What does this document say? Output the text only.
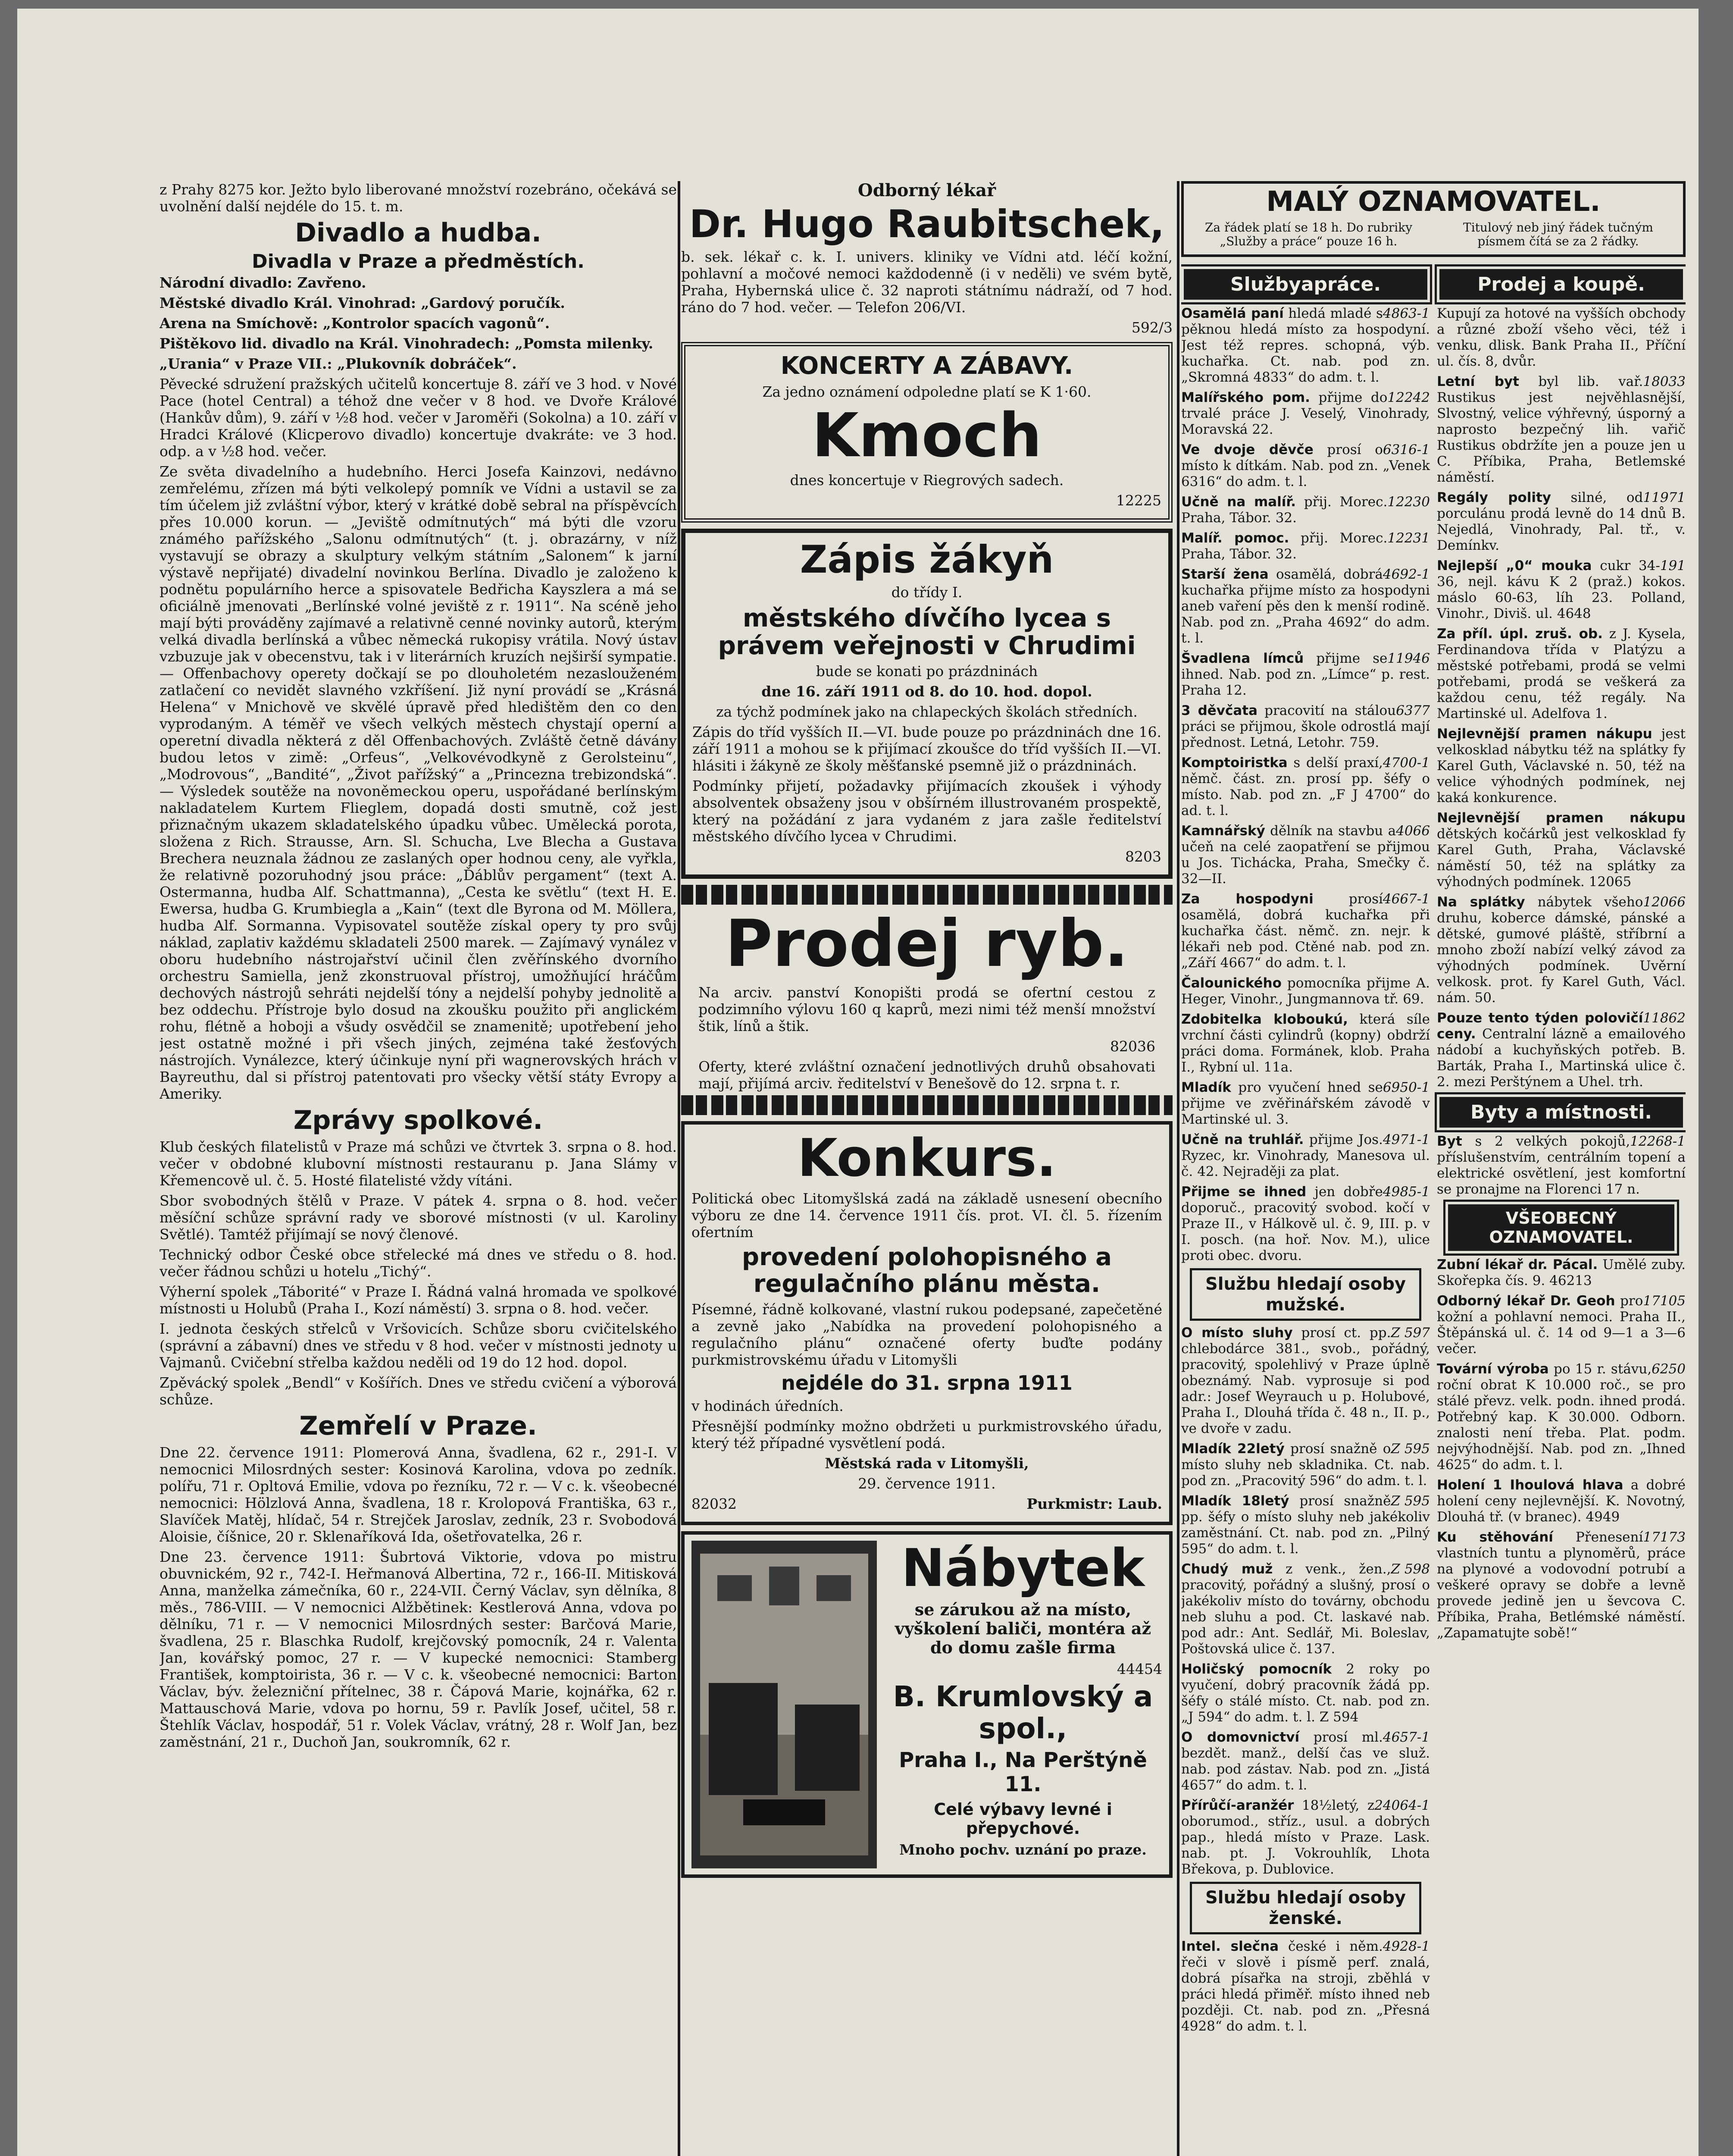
z Prahy 8275 kor. Ježto bylo liberované množství rozebráno, očekává se uvolnění další nejdéle do 15. t. m.

Divadlo a hudba.
Divadla v Praze a předměstích.

Národní divadlo: Zavřeno.

Městské divadlo Král. Vinohrad: „Gardový poručík.

Arena na Smíchově: „Kontrolor spacích vagonů“.

Pištěkovo lid. divadlo na Král. Vinohradech: „Pomsta milenky.

„Urania“ v Praze VII.: „Plukovník dobráček“.

Pěvecké sdružení pražských učitelů koncertuje 8. září ve 3 hod. v Nové Pace (hotel Central) a téhož dne večer v 8 hod. ve Dvoře Králové (Hankův dům), 9. září v ½8 hod. večer v Jaroměři (Sokolna) a 10. září v Hradci Králové (Klicperovo divadlo) koncertuje dvakráte: ve 3 hod. odp. a v ½8 hod. večer.

Ze světa divadelního a hudebního. Herci Josefa Kainzovi, nedávno zemřelému, zřízen má býti velkolepý pomník ve Vídni a ustavil se za tím účelem již zvláštní výbor, který v krátké době sebral na příspěvcích přes 10.000 korun. — „Jeviště odmítnutých“ má býti dle vzoru známého pařížského „Salonu odmítnutých“ (t. j. obrazárny, v níž vystavují se obrazy a skulptury velkým státním „Salonem“ k jarní výstavě nepřijaté) divadelní novinkou Berlína. Divadlo je založeno k podnětu populárního herce a spisovatele Bedřicha Kayszlera a má se oficiálně jmenovati „Berlínské volné jeviště z r. 1911“. Na scéně jeho mají býti prováděny zajímavé a relativně cenné novinky autorů, kterým velká divadla berlínská a vůbec německá rukopisy vrátila. Nový ústav vzbuzuje jak v obecenstvu, tak i v literárních kruzích nejširší sympatie. — Offenbachovy operety dočkají se po dlouholetém nezaslouženém zatlačení co nevidět slavného vzkříšení. Již nyní provádí se „Krásná Helena“ v Mnichově ve skvělé úpravě před hledištěm den co den vyprodaným. A téměř ve všech velkých městech chystají operní a operetní divadla některá z děl Offenbachových. Zvláště četně dávány budou letos v zimě: „Orfeus“, „Velkovévodkyně z Gerolsteinu“, „Modrovous“, „Bandité“, „Život pařížský“ a „Princezna trebizondská“. — Výsledek soutěže na novoněmeckou operu, uspořádané berlínským nakladatelem Kurtem Flieglem, dopadá dosti smutně, což jest přiznačným ukazem skladatelského úpadku vůbec. Umělecká porota, složena z Rich. Strausse, Arn. Sl. Schucha, Lve Blecha a Gustava Brechera neuznala žádnou ze zaslaných oper hodnou ceny, ale vyřkla, že relativně pozoruhodný jsou práce: „Ďáblův pergament“ (text A. Ostermanna, hudba Alf. Schattmanna), „Cesta ke světlu“ (text H. E. Ewersa, hudba G. Krumbiegla a „Kain“ (text dle Byrona od M. Möllera, hudba Alf. Sormanna. Vypisovatel soutěže získal opery ty pro svůj náklad, zaplativ každému skladateli 2500 marek. — Zajímavý vynález v oboru hudebního nástrojařství učinil člen zvěřínského dvorního orchestru Samiella, jenž zkonstruoval přístroj, umožňující hráčům dechových nástrojů sehráti nejdelší tóny a nejdelší pohyby jednolitě a bez oddechu. Přístroje bylo dosud na zkoušku použito při anglickém rohu, flétně a hoboji a všudy osvědčil se znamenitě; upotřebení jeho jest ostatně možné i při všech jiných, zejména také žesťových nástrojích. Vynálezce, který účinkuje nyní při wagnerovských hrách v Bayreuthu, dal si přístroj patentovati pro všecky větší státy Evropy a Ameriky.

Zprávy spolkové.

Klub českých filatelistů v Praze má schůzi ve čtvrtek 3. srpna o 8. hod. večer v obdobné klubovní místnosti restauranu p. Jana Slámy v Křemencově ul. č. 5. Hosté filatelisté vždy vítáni.

Sbor svobodných štělů v Praze. V pátek 4. srpna o 8. hod. večer měsíční schůze správní rady ve sborové místnosti (v ul. Karoliny Světlé). Tamtéž přijímají se nový členové.

Technický odbor České obce střelecké má dnes ve středu o 8. hod. večer řádnou schůzi u hotelu „Tichý“.

Výherní spolek „Táborité“ v Praze I. Řádná valná hromada ve spolkové místnosti u Holubů (Praha I., Kozí náměstí) 3. srpna o 8. hod. večer.

I. jednota českých střelců v Vršovicích. Schůze sboru cvičitelského (správní a zábavní) dnes ve středu v 8 hod. večer v místnosti jednoty u Vajmanů. Cvičební střelba každou neděli od 19 do 12 hod. dopol.

Zpěvácký spolek „Bendl“ v Košířích. Dnes ve středu cvičení a výborová schůze.

Zemřelí v Praze.

Dne 22. července 1911: Plomerová Anna, švadlena, 62 r., 291-I. V nemocnici Milosrdných sester: Kosinová Karolina, vdova po zedník. polířu, 71 r. Opltová Emilie, vdova po řezníku, 72 r. — V c. k. všeobecné nemocnici: Hölzlová Anna, švadlena, 18 r. Krolopová Františka, 63 r., Slavíček Matěj, hlídač, 54 r. Strejček Jaroslav, zedník, 23 r. Svobodová Aloisie, číšnice, 20 r. Sklenaříková Ida, ošetřovatelka, 26 r.

Dne 23. července 1911: Šubrtová Viktorie, vdova po mistru obuvnickém, 92 r., 742-I. Heřmanová Albertina, 72 r., 166-II. Mitisková Anna, manželka zámečníka, 60 r., 224-VII. Černý Václav, syn dělníka, 8 měs., 786-VIII. — V nemocnici Alžbětinek: Kestlerová Anna, vdova po dělníku, 71 r. — V nemocnici Milosrdných sester: Barčová Marie, švadlena, 25 r. Blaschka Rudolf, krejčovský pomocník, 24 r. Valenta Jan, kovářský pomoc, 27 r. — V kupecké nemocnici: Stamberg František, komptoirista, 36 r. — V c. k. všeobecné nemocnici: Barton Václav, býv. železniční přítelnec, 38 r. Čápová Marie, kojnářka, 62 r. Mattauschová Marie, vdova po hornu, 59 r. Pavlík Josef, učitel, 58 r. Štehlík Václav, hospodář, 51 r. Volek Václav, vrátný, 28 r. Wolf Jan, bez zaměstnání, 21 r., Duchoň Jan, soukromník, 62 r.

Odborný lékař

Dr. Hugo Raubitschek,

b. sek. lékař c. k. I. univers. kliniky ve Vídni atd. léčí kožní, pohlavní a močové nemoci každodenně (i v neděli) ve svém bytě, Praha, Hybernská ulice č. 32 naproti státnímu nádraží, od 7 hod. ráno do 7 hod. večer. — Telefon 206/VI.

592/3

KONCERTY A ZÁBAVY.

Za jedno oznámení odpoledne platí se K 1·60.

Kmoch

dnes koncertuje v Riegrových sadech.

12225

Zápis žákyň

do třídy I.

městského dívčího lycea s právem veřejnosti v Chrudimi

bude se konati po prázdninách

dne 16. září 1911 od 8. do 10. hod. dopol.

za týchž podmínek jako na chlapeckých školách středních.

Zápis do tříd vyšších II.—VI. bude pouze po prázdninách dne 16. září 1911 a mohou se k přijímací zkoušce do tříd vyšších II.—VI. hlásiti i žákyně ze školy měšťanské psemně již o prázdninách.

Podmínky přijetí, požadavky přijímacích zkoušek i výhody absolventek obsaženy jsou v obšírném illustrovaném prospektě, který na požádání z jara vydaném z jara zašle ředitelství městského dívčího lycea v Chrudimi.

8203

Prodej ryb.

Na arciv. panství Konopišti prodá se ofertní cestou z podzimního výlovu 160 q kaprů, mezi nimi též menší množství štik, línů a štik.

82036

Oferty, které zvláštní označení jednotlivých druhů obsahovati mají, přijímá arciv. ředitelství v Benešově do 12. srpna t. r.

Konkurs.

Politická obec Litomyšlská zadá na základě usnesení obecního výboru ze dne 14. července 1911 čís. prot. VI. čl. 5. řízením ofertním

provedení polohopisného a regulačního plánu města.

Písemné, řádně kolkované, vlastní rukou podepsané, zapečetěné a zevně jako „Nabídka na provedení polohopisného a regulačního plánu“ označené oferty buďte podány purkmistrovskému úřadu v Litomyšli

nejdéle do 31. srpna 1911

v hodinách úředních.

Přesnější podmínky možno obdržeti u purkmistrovského úřadu, který též případné vysvětlení podá.

Městská rada v Litomyšli,

29. července 1911.

82032	Purkmistr: Laub.

Nábytek

se zárukou až na místo, vyškolení baliči, montéra až do domu zašle firma

44454

B. Krumlovský a spol.,

Praha I., Na Perštýně 11.

Celé výbavy levné i přepychové.

Mnoho pochv. uznání po praze.

MALÝ OZNAMOVATEL.

Za řádek platí se 18 h. Do rubriky „Služby a práce“ pouze 16 h.

Titulový neb jiný řádek tučným písmem čítá se za 2 řádky.

Službyapráce.

4863-1
Osamělá paní hledá mladé s pěknou hledá místo za hospodyní. Jest též repres. schopná, výb. kuchařka. Ct. nab. pod zn. „Skromná 4833“ do adm. t. l.

12242
Malířského pom. přijme do trvalé práce J. Veselý, Vinohrady, Moravská 22.

6316-1
Ve dvoje děvče prosí o místo k dítkám. Nab. pod zn. „Venek 6316“ do adm. t. l.

12230
Učně na malíř. přij. Morec. Praha, Tábor. 32.

12231
Malíř. pomoc. přij. Morec. Praha, Tábor. 32.

4692-1
Starší žena osamělá, dobrá kuchařka přijme místo za hospodyni aneb vaření pěs den k menší rodině. Nab. pod zn. „Praha 4692“ do adm. t. l.

11946
Švadlena límců přijme se ihned. Nab. pod zn. „Límce“ p. rest. Praha 12.

6377
3 děvčata pracovití na stálou práci se přijmou, škole odrostlá mají přednost. Letná, Letohr. 759.

4700-1
Komptoiristka s delší praxí, němč. část. zn. prosí pp. šéfy o místo. Nab. pod zn. „F J 4700“ do ad. t. l.

4066
Kamnářský dělník na stavbu a učeň na celé zaopatření se přijmou u Jos. Tichácka, Praha, Smečky č. 32—II.

4667-1
Za hospodyni	prosí osamělá, dobrá kuchařka při kuchařka část. němč. zn. nejr. k lékaři neb pod. Ctěné nab. pod zn. „Září 4667“ do adm. t. l.

Čalounického pomocníka přijme A. Heger, Vinohr., Jungmannova tř. 69.

Zdobitelka kloboukú, která síle vrchní části cylindrů (kopny) obdrží práci doma. Formánek, klob. Praha I., Rybní ul. 11a.

6950-1
Mladík pro vyučení hned se přijme ve zvěřinářském závodě v Martinské ul. 3.

4971-1
Učně na truhlář. přijme Jos. Ryzec, kr. Vinohrady, Manesova ul. č. 42. Nejraději za plat.

4985-1
Přijme se ihned jen dobře doporuč., pracovitý svobod. kočí v Praze II., v Hálkově ul. č. 9, III. p. v I. posch. (na hoř. Nov. M.), ulice proti obec. dvoru.

Službu hledají osoby mužské.

Z 597
O místo sluhy prosí ct. pp. chlebodárce 381., svob., pořádný, pracovitý, spolehlivý v Praze úplně obeznámý. Nab. vyprosuje si pod adr.: Josef Weyrauch u p. Holubové, Praha I., Dlouhá třída č. 48 n., II. p., ve dvoře v zadu.

Z 595
Mladík 22letý prosí snažně o místo sluhy neb skladnika. Ct. nab. pod zn. „Pracovitý 596“ do adm. t. l.

Z 595
Mladík 18letý prosí snažně pp. šéfy o místo sluhy neb jakékoliv zaměstnání. Ct. nab. pod zn. „Pilný 595“ do adm. t. l.

Z 598
Chudý muž z venk., žen., pracovitý, pořádný a slušný, prosí o jakékoliv místo do továrny, obchodu neb sluhu a pod. Ct. laskavé nab. pod adr.: Ant. Sedlář, Mi. Boleslav, Poštovská ulice č. 137.

Holičský pomocník 2 roky po vyučení, dobrý pracovník žádá pp. šéfy o stálé místo. Ct. nab. pod zn. „J 594“ do adm. t. l. Z 594

4657-1
O domovnictví prosí ml. bezdět. manž., delší čas ve služ. nab. pod zástav. Nab. pod zn. „Jistá 4657“ do adm. t. l.

24064-1
Přírůčí-aranžér 18½letý, z oborumod., stříz., usul. a dobrých pap., hledá místo v Praze. Lask. nab. pt. J. Vokrouhlík, Lhota Břekova, p. Dublovice.

Službu hledají osoby ženské.

4928-1
Intel. slečna české i něm. řeči v slově i písmě perf. znalá, dobrá písařka na stroji, zběhlá v práci hledá přiměř. místo ihned neb později. Ct. nab. pod zn. „Přesná 4928“ do adm. t. l.

Prodej a koupě.

Kupují za hotové na vyšších obchody a různé zboží všeho věci, též i venku, dlisk. Bank Praha II., Příční ul. čís. 8, dvůr.

18033
Letní byt byl lib. vař. Rustikus jest nejvěhlasnější, Slvostný, velice výhřevný, úsporný a naprosto bezpečný lih. vařič Rustikus obdržíte jen a pouze jen u C. Příbika, Praha, Betlemské náměstí.

11971
Regály polity silné, od porculánu prodá levně do 14 dnů B. Nejedlá, Vinohrady, Pal. tř., v. Demínkv.

191
Nejlepší „0“ mouka cukr 34-36, nejl. kávu K 2 (praž.) kokos. máslo 60-63, líh 23. Polland, Vinohr., Diviš. ul. 4648

Za příl. úpl. zruš. ob. z J. Kysela, Ferdinandova třída v Platýzu a městské potřebami, prodá se velmi potřebami, prodá se veškerá za každou cenu, též regály. Na Martinské ul. Adelfova 1.

Nejlevnější pramen nákupu jest velkosklad nábytku též na splátky fy Karel Guth, Václavské n. 50, též na velice výhodných podmínek, nej kaká konkurence.

Nejlevnější pramen nákupu dětských kočárků jest velkosklad fy Karel Guth, Praha, Václavské náměstí 50, též na splátky za výhodných podmínek. 12065

12066
Na splátky nábytek všeho druhu, koberce dámské, pánské a dětské, gumové pláště, stříbrní a mnoho zboží nabízí velký závod za výhodných podmínek. Uvěrní velkosk. prot. fy Karel Guth, Václ. nám. 50.

11862
Pouze tento týden polovičí ceny. Centralní lázně a emailového nádobí a kuchyňských potřeb. B. Barták, Praha I., Martinská ulice č. 2. mezi Perštýnem a Uhel. trh.

Byty a místnosti.

12268-1
Byt s 2 velkých pokojů, příslušenstvím, centrálním topení a elektrické osvětlení, jest komfortní se pronajme na Florenci 17 n.

VŠEOBECNÝ
OZNAMOVATEL.

Zubní lékař dr. Pácal. Umělé zuby. Skořepka čís. 9. 46213

17105
Odborný lékař Dr. Geoh pro kožní a pohlavní nemoci. Praha II., Štěpánská ul. č. 14 od 9—1 a 3—6 večer.

6250
Tovární výroba po 15 r. stávu, roční obrat K 10.000 roč., se pro stálé převz. velk. podn. ihned prodá. Potřebný kap. K 30.000. Odborn. znalosti není třeba. Plat. podm. nejvýhodnější. Nab. pod zn. „Ihned 4625“ do adm. t. l.

Holení 1 Ihoulová hlava a dobré holení ceny nejlevnější. K. Novotný, Dlouhá tř. (v branec). 4949

17173
Ku stěhování Přenesení vlastních tuntu a plynoměrů, práce na plynové a vodovodní potrubí a veškeré opravy se dobře a levně provede jedině jen u ševcova C. Příbika, Praha, Betlémské náměstí. „Zapamatujte sobě!“
